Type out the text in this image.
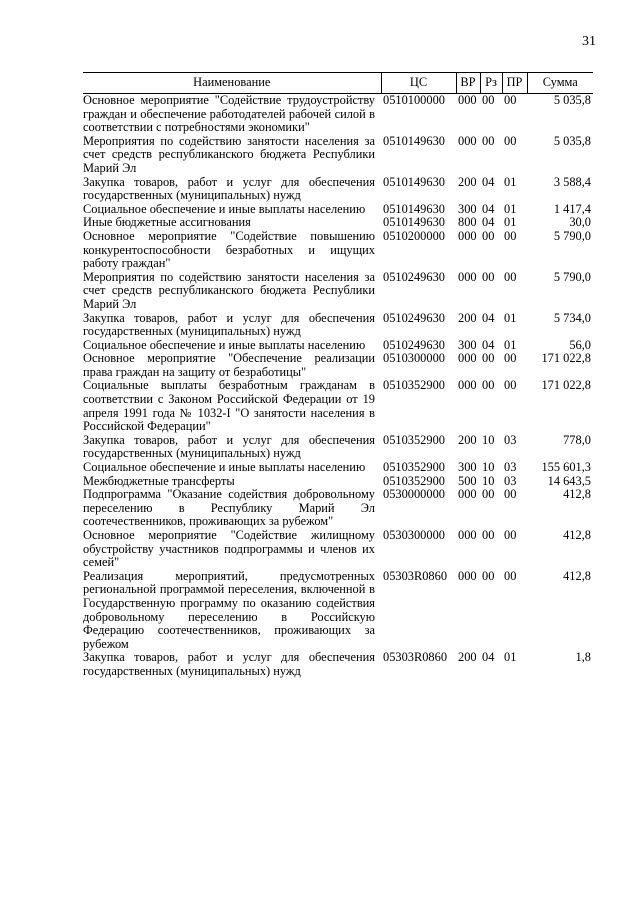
31
Наименование	ЦС	ВР	Рз	ПР	Сумма
Основное мероприятие "Содействие трудоустройству граждан и обеспечение работодателей рабочей силой в соответствии с потребностями экономики"	0510100000	000	00	00	5 035,8
Мероприятия по содействию занятости населения за счет средств республиканского бюджета Республики Марий Эл	0510149630	000	00	00	5 035,8
Закупка товаров, работ и услуг для обеспечения государственных (муниципальных) нужд	0510149630	200	04	01	3 588,4
Социальное обеспечение и иные выплаты населению	0510149630	300	04	01	1 417,4
Иные бюджетные ассигнования	0510149630	800	04	01	30,0
Основное мероприятие "Содействие повышению конкурентоспособности безработных и ищущих работу граждан"	0510200000	000	00	00	5 790,0
Мероприятия по содействию занятости населения за счет средств республиканского бюджета Республики Марий Эл	0510249630	000	00	00	5 790,0
Закупка товаров, работ и услуг для обеспечения государственных (муниципальных) нужд	0510249630	200	04	01	5 734,0
Социальное обеспечение и иные выплаты населению	0510249630	300	04	01	56,0
Основное мероприятие "Обеспечение реализации права граждан на защиту от безработицы"	0510300000	000	00	00	171 022,8
Социальные выплаты безработным гражданам в соответствии с Законом Российской Федерации от 19 апреля 1991 года № 1032-I "О занятости населения в Российской Федерации"	0510352900	000	00	00	171 022,8
Закупка товаров, работ и услуг для обеспечения государственных (муниципальных) нужд	0510352900	200	10	03	778,0
Социальное обеспечение и иные выплаты населению	0510352900	300	10	03	155 601,3
Межбюджетные трансферты	0510352900	500	10	03	14 643,5
Подпрограмма "Оказание содействия добровольному переселению в Республику Марий Эл соотечественников, проживающих за рубежом"	0530000000	000	00	00	412,8
Основное мероприятие "Содействие жилищному обустройству участников подпрограммы и членов их семей"	0530300000	000	00	00	412,8
Реализация мероприятий, предусмотренных региональной программой переселения, включенной в Государственную программу по оказанию содействия добровольному переселению в Российскую Федерацию соотечественников, проживающих за рубежом	05303R0860	000	00	00	412,8
Закупка товаров, работ и услуг для обеспечения государственных (муниципальных) нужд	05303R0860	200	04	01	1,8
